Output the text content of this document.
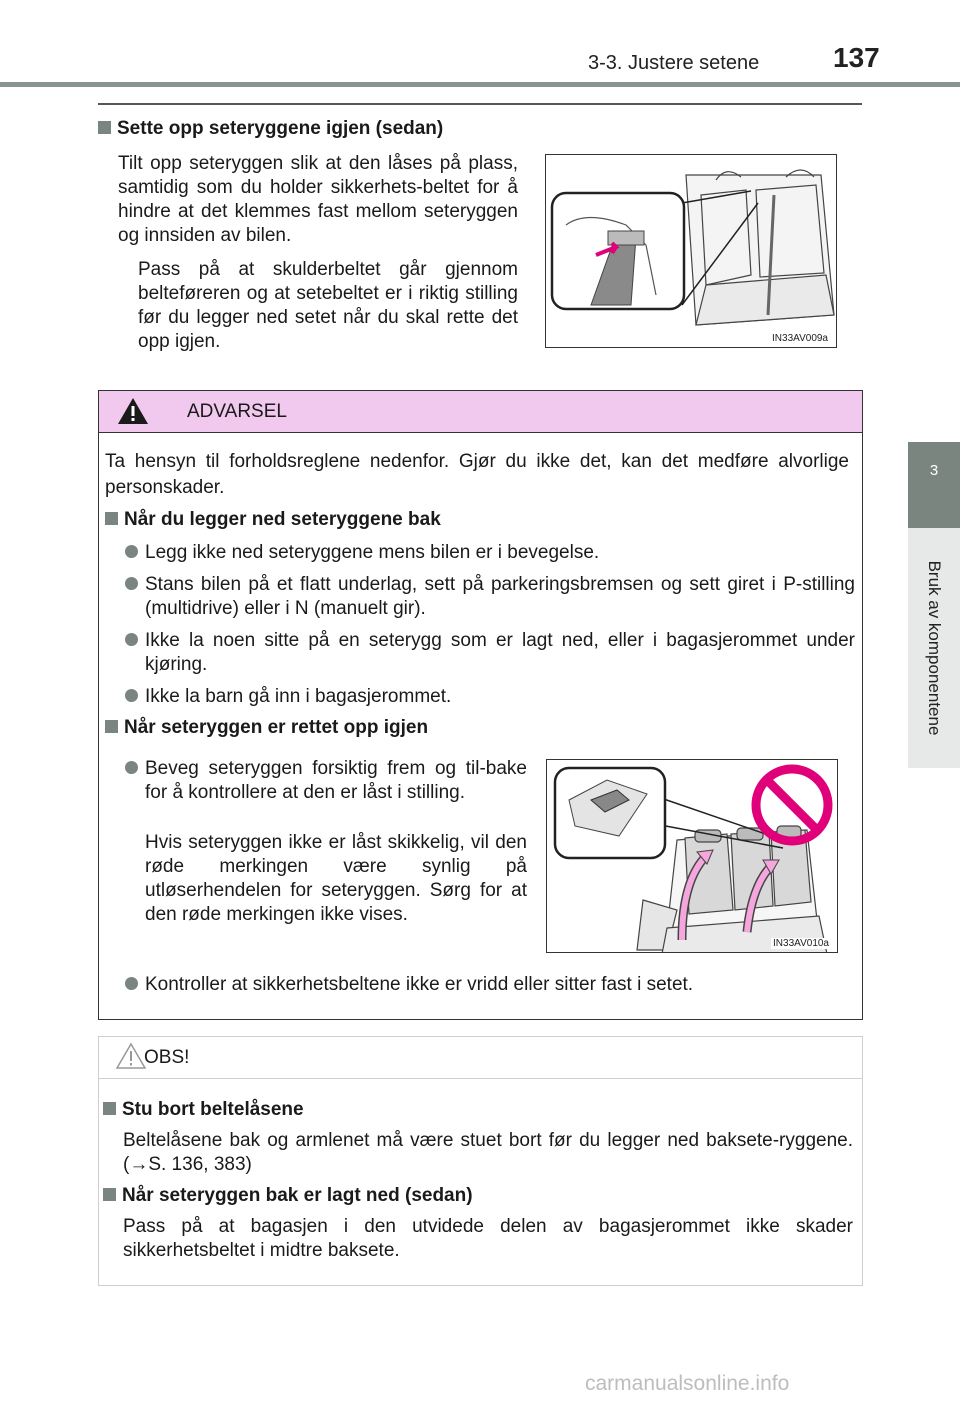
3-3. Justere setene	137
3
Bruk av komponentene
Sette opp seteryggene igjen (sedan)
Tilt opp seteryggen slik at den låses på plass, samtidig som du holder sikkerhets-beltet for å hindre at det klemmes fast mellom seteryggen og innsiden av bilen.
Pass på at skulderbeltet går gjennom belteføreren og at setebeltet er i riktig stilling før du legger ned setet når du skal rette det opp igjen.	IN33AV009a
ADVARSEL
Ta hensyn til forholdsreglene nedenfor. Gjør du ikke det, kan det medføre alvorlige personskader.
Når du legger ned seteryggene bak
Legg ikke ned seteryggene mens bilen er i bevegelse.
Stans bilen på et flatt underlag, sett på parkeringsbremsen og sett giret i P-stilling (multidrive) eller i N (manuelt gir).
Ikke la noen sitte på en seterygg som er lagt ned, eller i bagasjerommet under kjøring.
Ikke la barn gå inn i bagasjerommet.
Når seteryggen er rettet opp igjen
Beveg seteryggen forsiktig frem og til-bake for å kontrollere at den er låst i stilling.
Hvis seteryggen ikke er låst skikkelig, vil den røde merkingen være synlig på utløserhendelen for seteryggen. Sørg for at den røde merkingen ikke vises.
Kontroller at sikkerhetsbeltene ikke er vridd eller sitter fast i setet.
IN33AV010a
OBS!
Stu bort beltelåsene
Beltelåsene bak og armlenet må være stuet bort før du legger ned baksete-ryggene. (→S. 136, 383)
Når seteryggen bak er lagt ned (sedan)
Pass på at bagasjen i den utvidede delen av bagasjerommet ikke skader sikkerhetsbeltet i midtre baksete.
carmanualsonline.info
